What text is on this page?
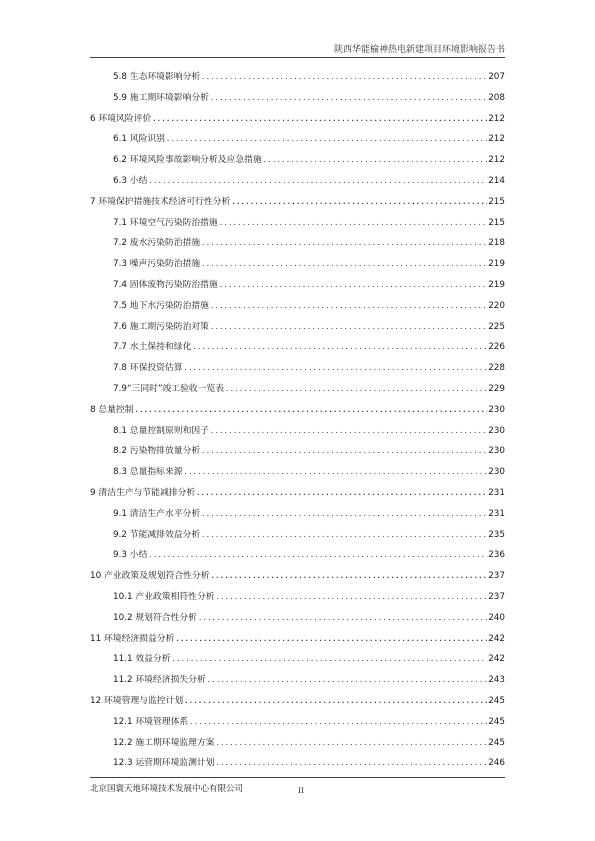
陕西华能榆神热电新建项目环境影响报告书
5.8 生态环境影响分析 .....	207
5.9 施工期环境影响分析 .....	208
6 环境风险评价 .....	212
6.1 风险识别 .....	212
6.2 环境风险事故影响分析及应急措施 .....	212
6.3 小结 .....	214
7 环境保护措施技术经济可行性分析 .....	215
7.1 环境空气污染防治措施 .....	215
7.2 废水污染防治措施 .....	218
7.3 噪声污染防治措施 .....	219
7.4 固体废物污染防治措施 .....	219
7.5 地下水污染防治措施 .....	220
7.6 施工期污染防治对策 .....	225
7.7 水土保持和绿化 .....	226
7.8 环保投资估算 .....	228
7.9“三同时”竣工验收一览表 .....	229
8 总量控制 .....	230
8.1 总量控制原则和因子 .....	230
8.2 污染物排放量分析 .....	230
8.3 总量指标来源 .....	230
9 清洁生产与节能减排分析 .....	231
9.1 清洁生产水平分析 .....	231
9.2 节能减排效益分析 .....	235
9.3 小结 .....	236
10 产业政策及规划符合性分析 .....	237
10.1 产业政策相符性分析 .....	237
10.2 规划符合性分析 .....	240
11 环境经济损益分析 .....	242
11.1 效益分析 .....	242
11.2 环境经济损失分析 .....	243
12 环境管理与监控计划 .....	245
12.1 环境管理体系 .....	245
12.2 施工期环境监理方案 .....	245
12.3 运营期环境监测计划 .....	246
北京国寰天地环境技术发展中心有限公司	II
